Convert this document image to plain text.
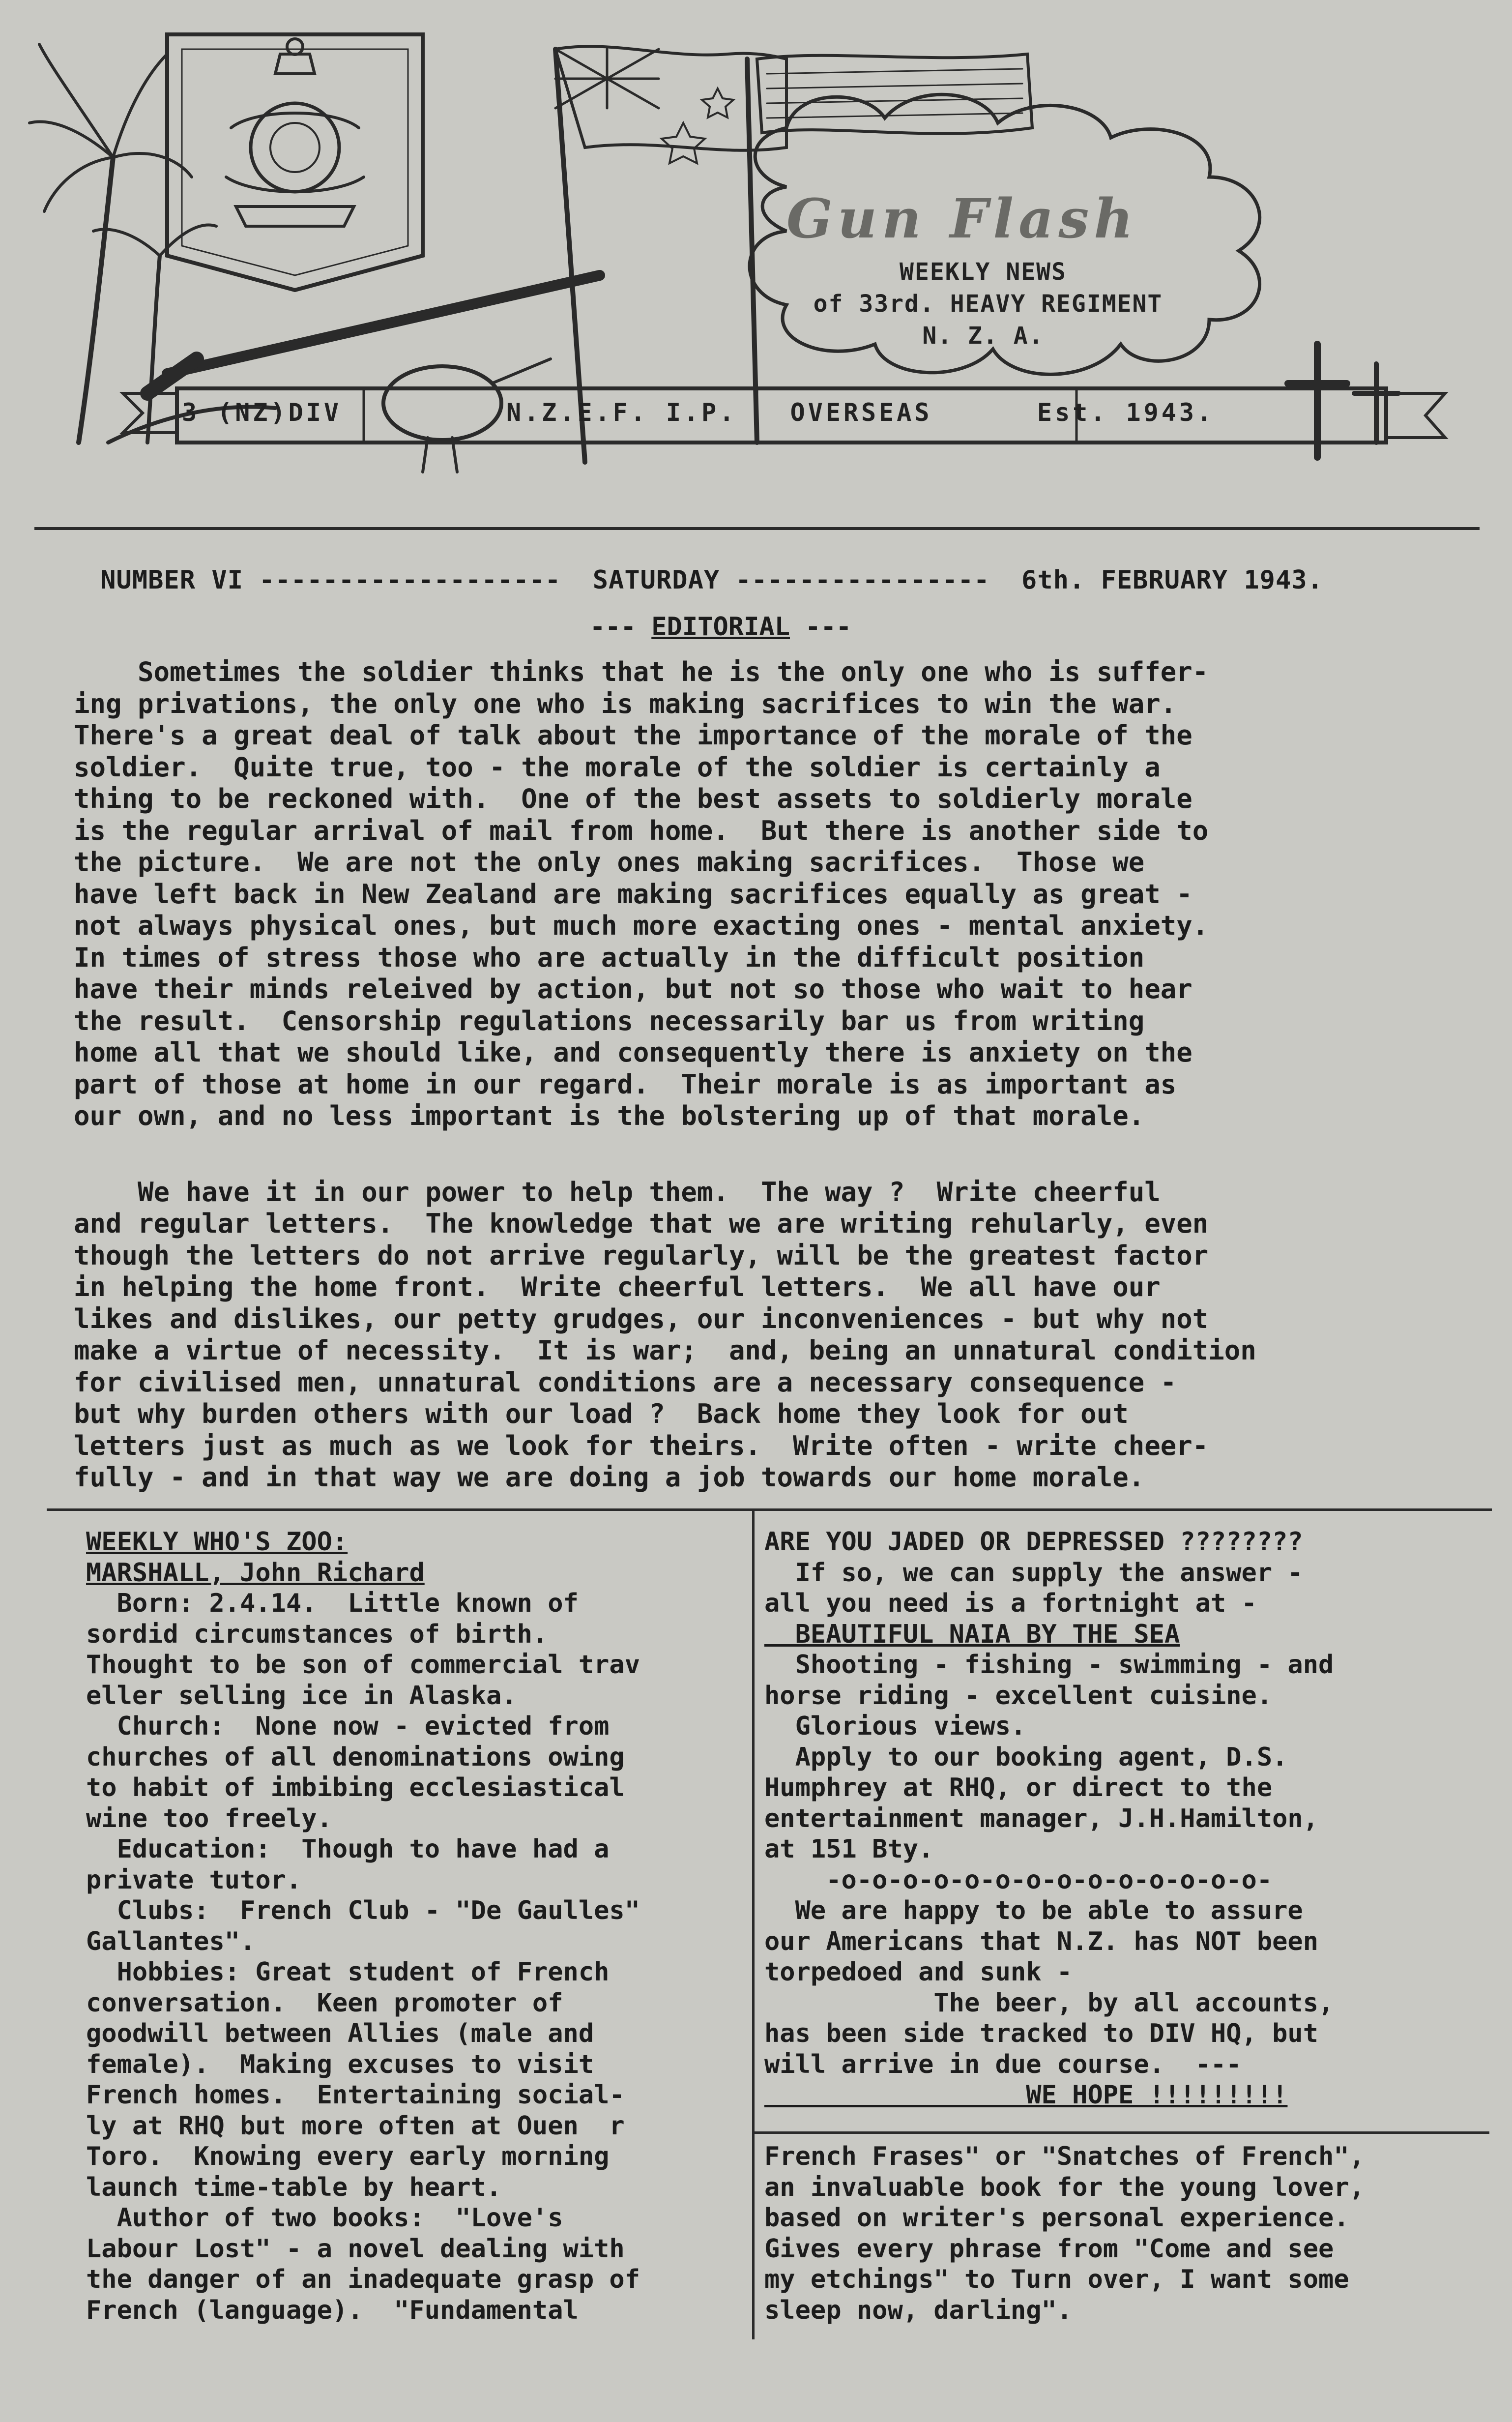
Gun Flash
WEEKLY NEWS
of 33rd. HEAVY REGIMENT
N. Z. A.
3 (NZ)DIV	N.Z.E.F. I.P.   OVERSEAS	Est. 1943.

NUMBER VI -------------------  SATURDAY ----------------  6th. FEBRUARY 1943.

--- EDITORIAL ---
Sometimes the soldier thinks that he is the only one who is suffer-
ing privations, the only one who is making sacrifices to win the war.
There's a great deal of talk about the importance of the morale of the
soldier.  Quite true, too - the morale of the soldier is certainly a
thing to be reckoned with.  One of the best assets to soldierly morale
is the regular arrival of mail from home.  But there is another side to
the picture.  We are not the only ones making sacrifices.  Those we
have left back in New Zealand are making sacrifices equally as great -
not always physical ones, but much more exacting ones - mental anxiety.
In times of stress those who are actually in the difficult position
have their minds releived by action, but not so those who wait to hear
the result.  Censorship regulations necessarily bar us from writing
home all that we should like, and consequently there is anxiety on the
part of those at home in our regard.  Their morale is as important as
our own, and no less important is the bolstering up of that morale.
We have it in our power to help them.  The way ?  Write cheerful
and regular letters.  The knowledge that we are writing rehularly, even
though the letters do not arrive regularly, will be the greatest factor
in helping the home front.  Write cheerful letters.  We all have our
likes and dislikes, our petty grudges, our inconveniences - but why not
make a virtue of necessity.  It is war;  and, being an unnatural condition
for civilised men, unnatural conditions are a necessary consequence -
but why burden others with our load ?  Back home they look for out
letters just as much as we look for theirs.  Write often - write cheer-
fully - and in that way we are doing a job towards our home morale.
WEEKLY WHO'S ZOO:
MARSHALL, John Richard
Born: 2.4.14.  Little known of
sordid circumstances of birth.
Thought to be son of commercial trav
eller selling ice in Alaska.
Church:  None now - evicted from
churches of all denominations owing
to habit of imbibing ecclesiastical
wine too freely.
Education:  Though to have had a
private tutor.
Clubs:  French Club - "De Gaulles"
Gallantes".
Hobbies: Great student of French
conversation.  Keen promoter of
goodwill between Allies (male and
female).  Making excuses to visit
French homes.  Entertaining social-
ly at RHQ but more often at Ouen  r
Toro.  Knowing every early morning
launch time-table by heart.
Author of two books:  "Love's
Labour Lost" - a novel dealing with
the danger of an inadequate grasp of
French (language).  "Fundamental
ARE YOU JADED OR DEPRESSED ????????
If so, we can supply the answer -
all you need is a fortnight at -
BEAUTIFUL NAIA BY THE SEA
Shooting - fishing - swimming - and
horse riding - excellent cuisine.
Glorious views.
Apply to our booking agent, D.S.
Humphrey at RHQ, or direct to the
entertainment manager, J.H.Hamilton,
at 151 Bty.
-o-o-o-o-o-o-o-o-o-o-o-o-o-o-
We are happy to be able to assure
our Americans that N.Z. has NOT been
torpedoed and sunk -
The beer, by all accounts,
has been side tracked to DIV HQ, but
will arrive in due course.  ---
WE HOPE !!!!!!!!!
French Frases" or "Snatches of French",
an invaluable book for the young lover,
based on writer's personal experience.
Gives every phrase from "Come and see
my etchings" to Turn over, I want some
sleep now, darling".
